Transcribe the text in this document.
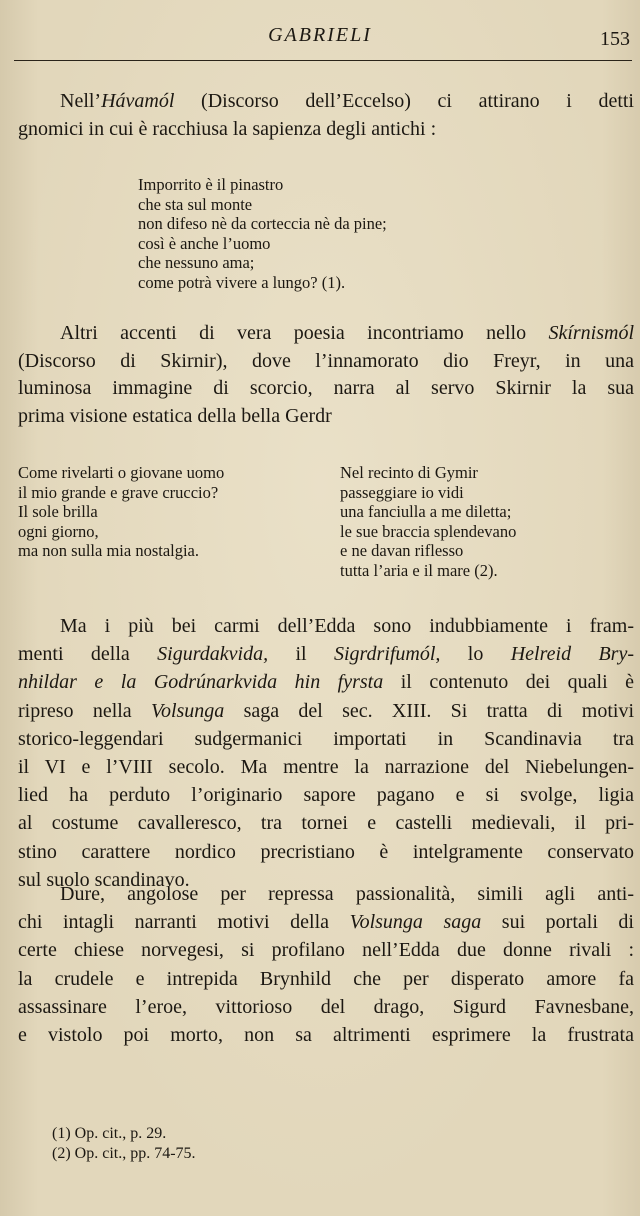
GABRIELI	153
Nell’Hávamól (Discorso dell’Eccelso) ci attirano i detti
gnomici in cui è racchiusa la sapienza degli antichi :
Imporrito è il pinastro
che sta sul monte
non difeso nè da corteccia nè da pine;
così è anche l’uomo
che nessuno ama;
come potrà vivere a lungo? (1).
Altri accenti di vera poesia incontriamo nello Skírnismól
(Discorso di Skirnir), dove l’innamorato dio Freyr, in una
luminosa immagine di scorcio, narra al servo Skirnir la sua
prima visione estatica della bella Gerdr
Come rivelarti o giovane uomo
il mio grande e grave cruccio?
Il sole brilla
ogni giorno,
ma non sulla mia nostalgia.
Nel recinto di Gymir
passeggiare io vidi
una fanciulla a me diletta;
le sue braccia splendevano
e ne davan riflesso
tutta l’aria e il mare (2).
Ma i più bei carmi dell’Edda sono indubbiamente i fram-
menti della Sigurdakvida, il Sigrdrifumól, lo Helreid Bry-
nhildar e la Godrúnarkvida hin fyrsta il contenuto dei quali è
ripreso nella Volsunga saga del sec. XIII. Si tratta di motivi
storico-leggendari sudgermanici importati in Scandinavia tra
il VI e l’VIII secolo. Ma mentre la narrazione del Niebelungen-
lied ha perduto l’originario sapore pagano e si svolge, ligia
al costume cavalleresco, tra tornei e castelli medievali, il pri-
stino carattere nordico precristiano è intelgramente conservato
sul suolo scandinavo.
Dure, angolose per repressa passionalità, simili agli anti-
chi intagli narranti motivi della Volsunga saga sui portali di
certe chiese norvegesi, si profilano nell’Edda due donne rivali :
la crudele e intrepida Brynhild che per disperato amore fa
assassinare l’eroe, vittorioso del drago, Sigurd Favnesbane,
e vistolo poi morto, non sa altrimenti esprimere la frustrata
(1) Op. cit., p. 29.
(2) Op. cit., pp. 74-75.
